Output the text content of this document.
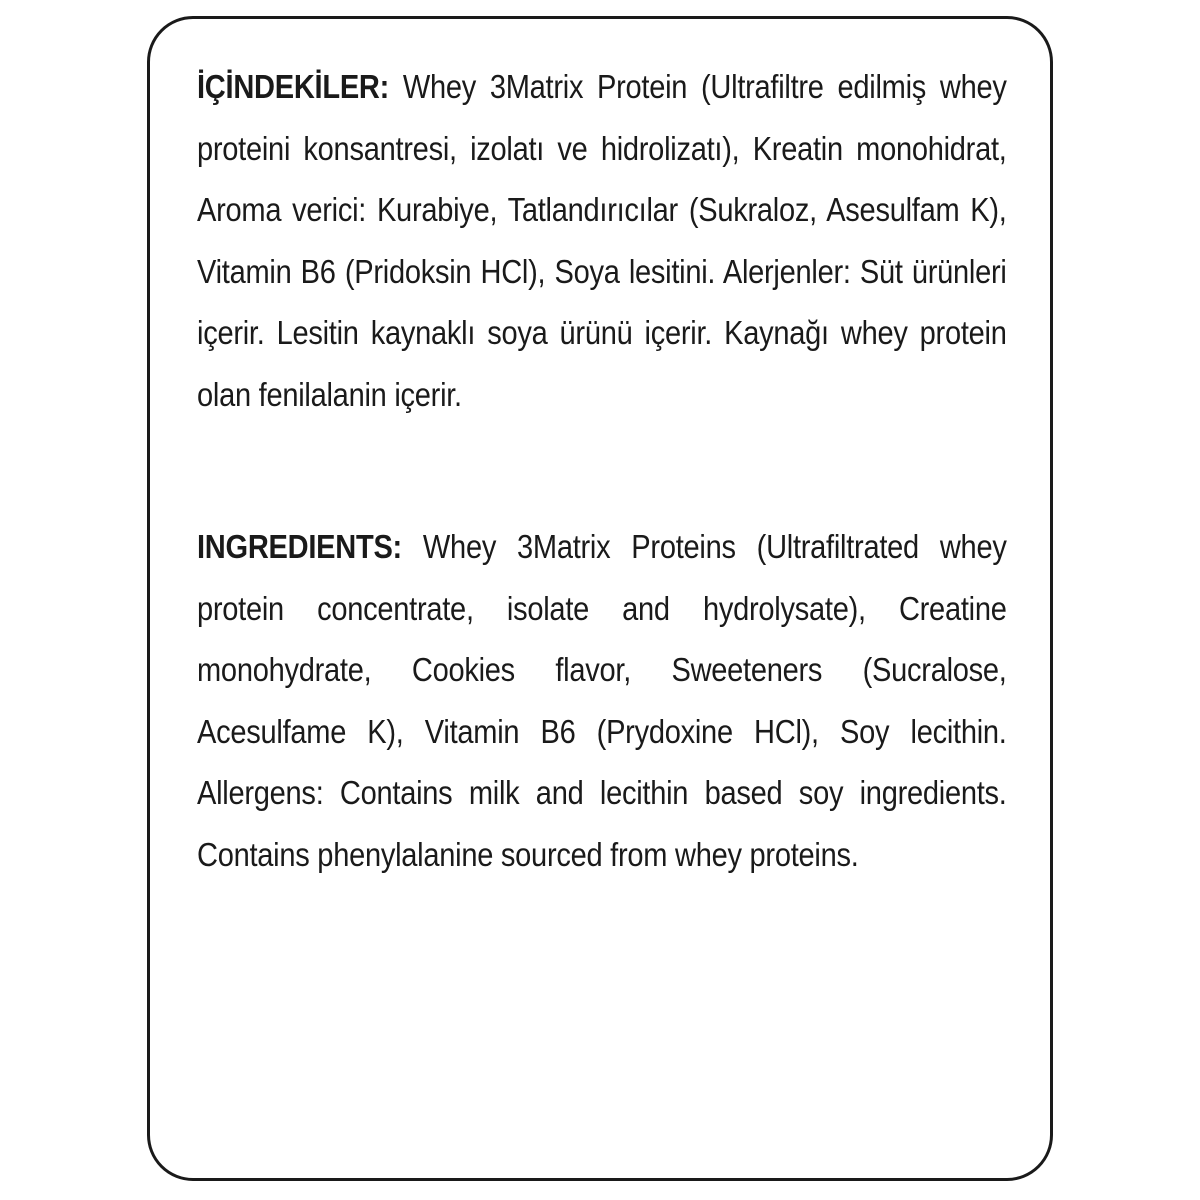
İÇİNDEKİLER: Whey 3Matrix Protein (Ultrafiltre edilmiş whey proteini konsantresi, izolatı ve hidrolizatı), Kreatin monohidrat, Aroma verici: Kurabiye, Tatlandırıcılar (Sukraloz, Asesulfam K), Vitamin B6 (Pridoksin HCl), Soya lesitini. Alerjenler: Süt ürünleri içerir. Lesitin kaynaklı soya ürünü içerir. Kaynağı whey protein olan fenilalanin içerir.

INGREDIENTS: Whey 3Matrix Proteins (Ultrafiltrated whey protein concentrate, isolate and hydrolysate), Creatine monohydrate, Cookies flavor, Sweeteners (Sucralose, Acesulfame K), Vitamin B6 (Prydoxine HCl), Soy lecithin. Allergens: Contains milk and lecithin based soy ingredients. Contains phenylalanine sourced from whey proteins.
